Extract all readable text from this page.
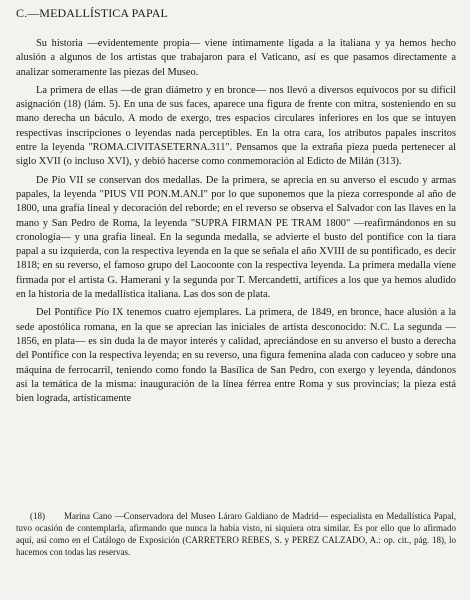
C.—MEDALLÍSTICA PAPAL

Su historia —evidentemente propia— viene íntimamente ligada a la italiana y ya hemos hecho alusión a algunos de los artistas que trabajaron para el Vaticano, así es que pasamos directamente a analizar someramente las piezas del Museo.

La primera de ellas —de gran diámetro y en bronce— nos llevó a diversos equívocos por su difícil asignación (18) (lám. 5). En una de sus faces, aparece una figura de frente con mitra, sosteniendo en su mano derecha un báculo. A modo de exergo, tres espacios circulares inferiores en los que se intuyen respectivas inscripciones o leyendas nada perceptibles. En la otra cara, los atributos papales inscritos entre la leyenda "ROMA.CIVITASETERNA.311". Pensamos que la extraña pieza pueda pertenecer al siglo XVII (o incluso XVI), y debió hacerse como conmemoración al Edicto de Milán (313).

De Pío VII se conservan dos medallas. De la primera, se aprecia en su anverso el escudo y armas papales, la leyenda "PIUS VII PON.M.AN.I" por lo que suponemos que la pieza corresponde al año de 1800, una grafía lineal y decoración del reborde; en el reverso se observa el Salvador con las llaves en la mano y San Pedro de Roma, la leyenda "SUPRA FIRMAN PE TRAM 1800" —reafirmándonos en su cronología— y una grafía lineal. En la segunda medalla, se advierte el busto del pontífice con la tiara papal a su izquierda, con la respectiva leyenda en la que se señala el año XVIII de su pontificado, es decir 1818; en su reverso, el famoso grupo del Laocoonte con la respectiva leyenda. La primera medalla viene firmada por el artista G. Hamerani y la segunda por T. Mercandetti, artífices a los que ya hemos aludido en la historia de la medallística italiana. Las dos son de plata.

Del Pontífice Pío IX tenemos cuatro ejemplares. La primera, de 1849, en bronce, hace alusión a la sede apostólica romana, en la que se aprecian las iniciales de artista desconocido: N.C. La segunda —1856, en plata— es sin duda la de mayor interés y calidad, apreciándose en su anverso el busto a derecha del Pontífice con la respectiva leyenda; en su reverso, una figura femenina alada con caduceo y sobre una máquina de ferrocarril, teniendo como fondo la Basílica de San Pedro, con exergo y leyenda, dándonos así la temática de la misma: inauguración de la línea férrea entre Roma y sus provincias; la pieza está bien lograda, artísticamente

(18) Marina Cano —Conservadora del Museo Láraro Galdiano de Madrid— especialista en Medallística Papal, tuvo ocasión de contemplarla, afirmando que nunca la había visto, ni siquiera otra similar. Es por ello que lo afirmado aquí, así como en el Catálogo de Exposición (CARRETERO REBES, S. y PEREZ CALZADO, A.: op. cit., pág. 18), lo hacemos con todas las reservas.
